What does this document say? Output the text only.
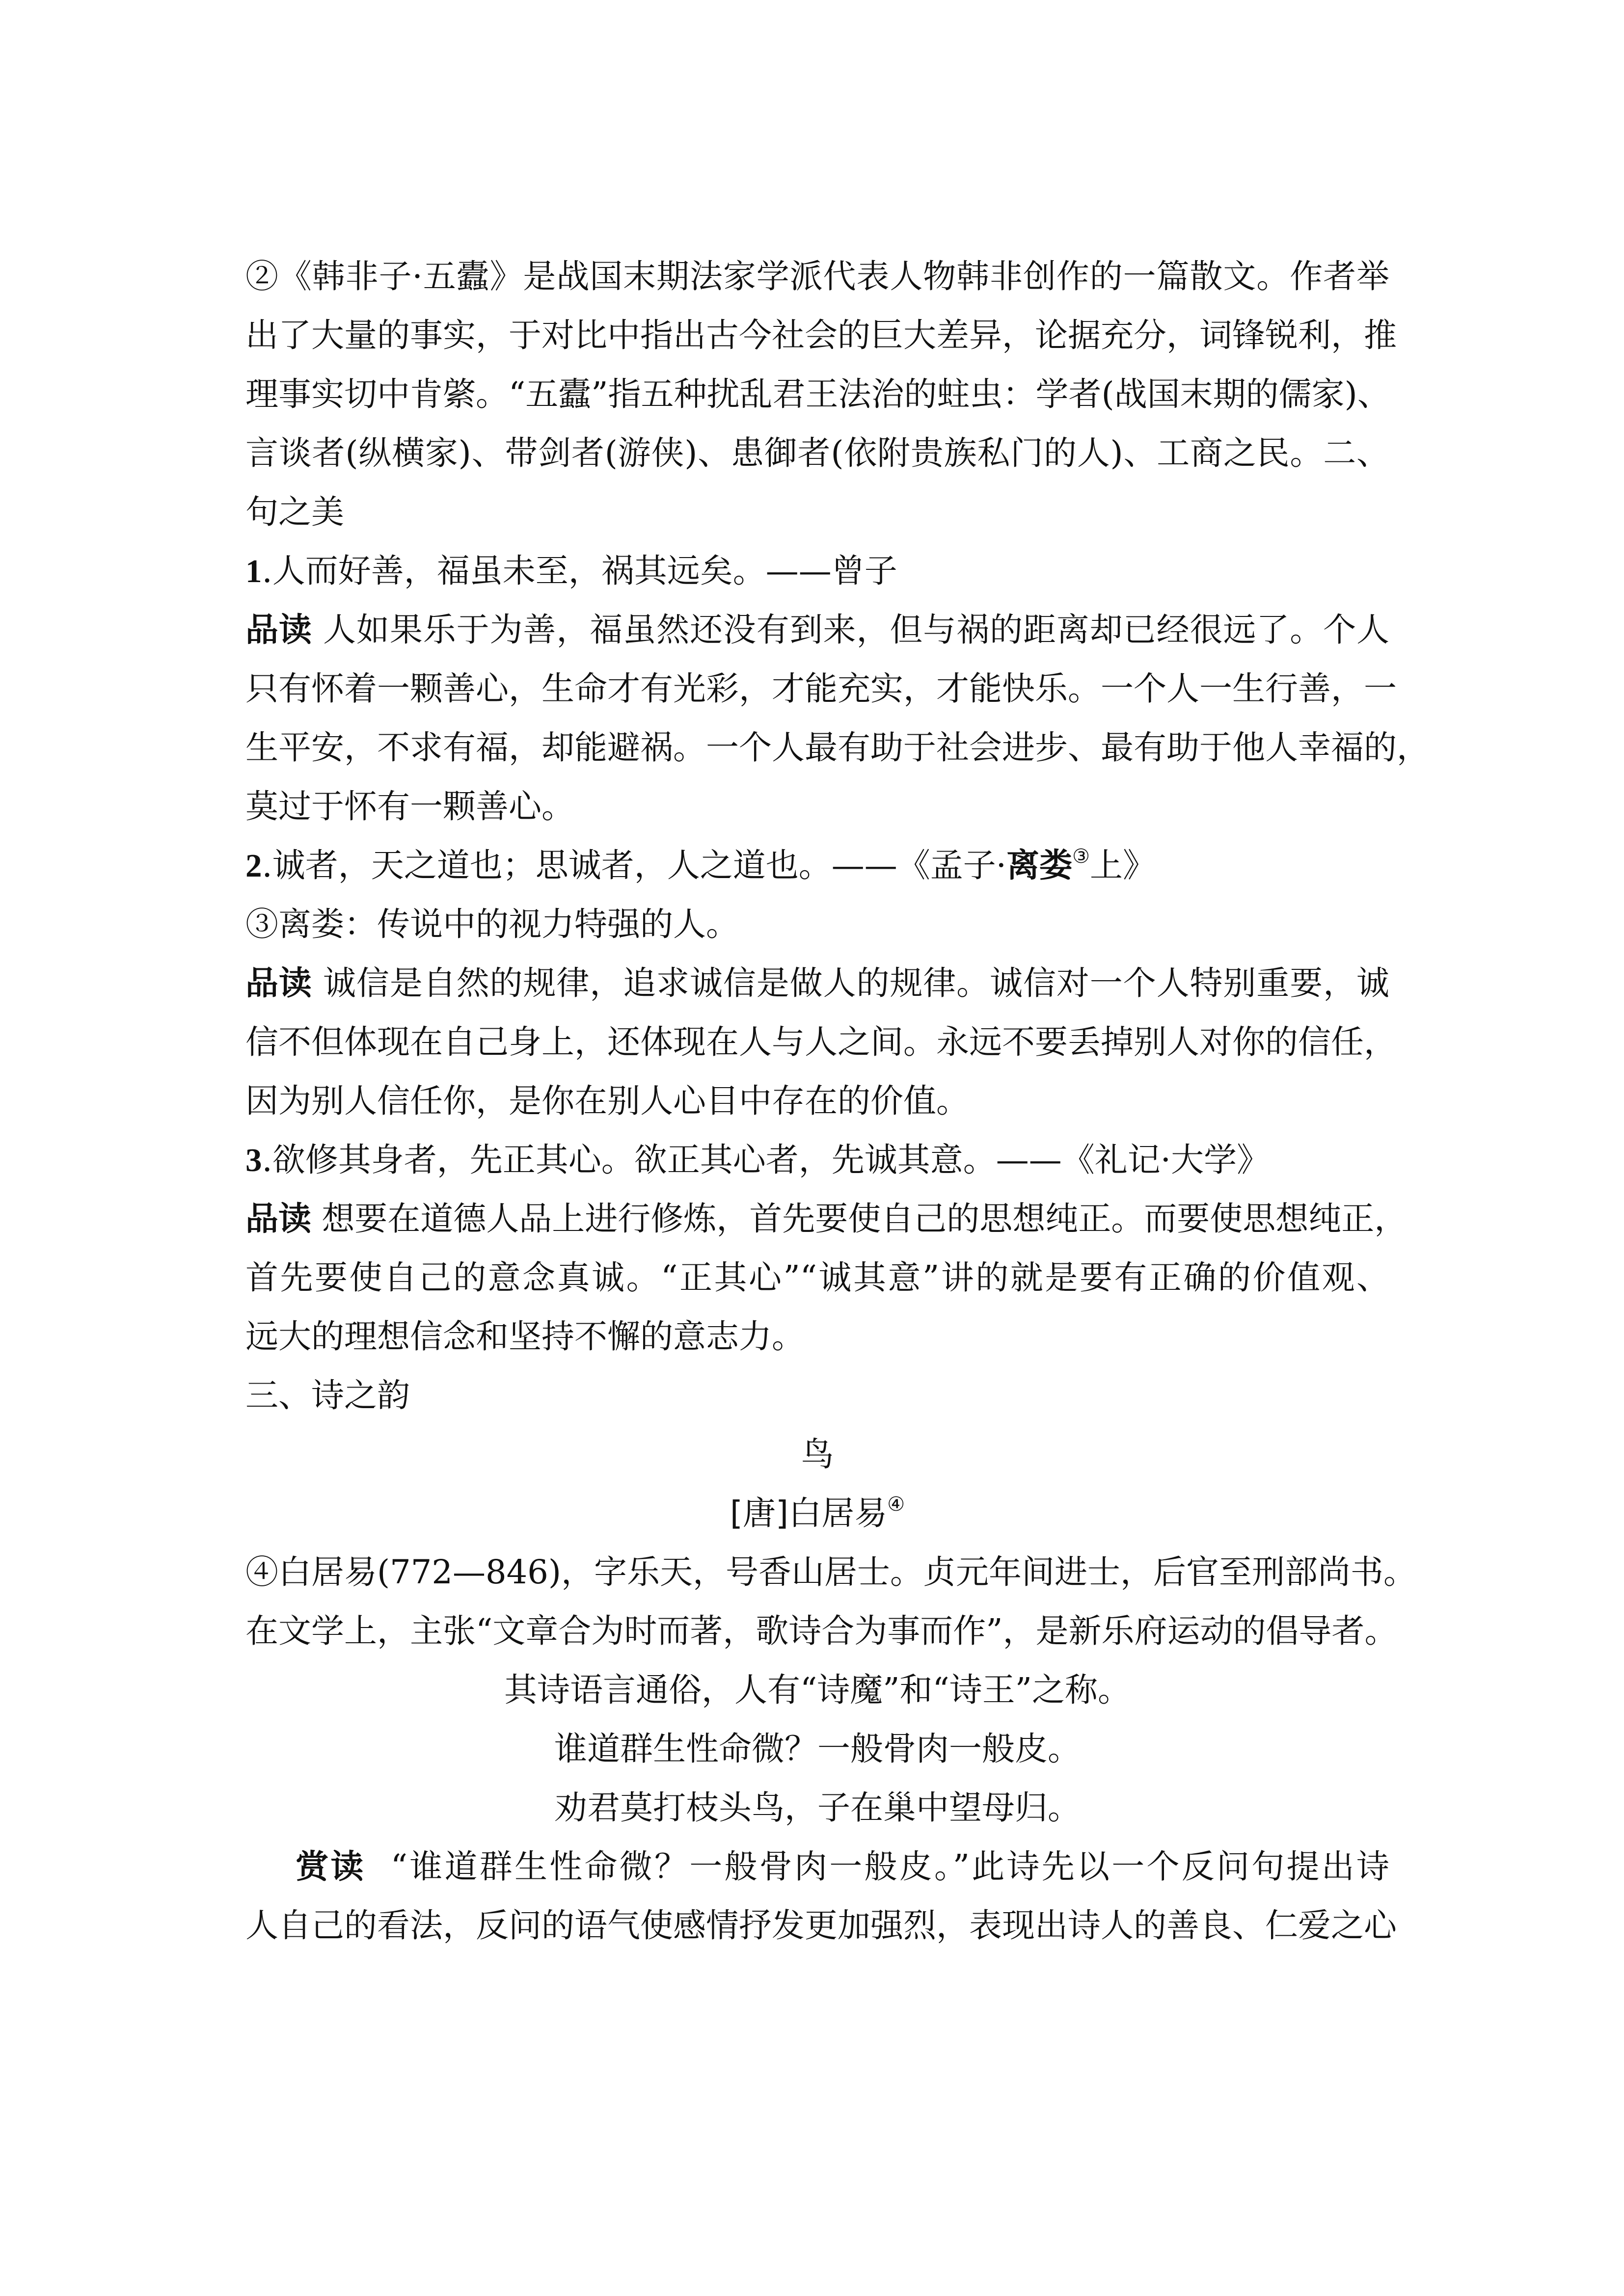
②《韩非子·五蠹》是战国末期法家学派代表人物韩非创作的一篇散文。作者举
出了大量的事实，于对比中指出古今社会的巨大差异，论据充分，词锋锐利，推
理事实切中肯綮。“五蠹”指五种扰乱君王法治的蛀虫：学者(战国末期的儒家)、
言谈者(纵横家)、带剑者(游侠)、患御者(依附贵族私门的人)、工商之民。二、
句之美
1.人而好善，福虽未至，祸其远矣。——曾子
品读 人如果乐于为善，福虽然还没有到来，但与祸的距离却已经很远了。个人
只有怀着一颗善心，生命才有光彩，才能充实，才能快乐。一个人一生行善，一
生平安，不求有福，却能避祸。一个人最有助于社会进步、最有助于他人幸福的，
莫过于怀有一颗善心。
2.诚者，天之道也；思诚者，人之道也。——《孟子·离娄③上》
③离娄：传说中的视力特强的人。
品读 诚信是自然的规律，追求诚信是做人的规律。诚信对一个人特别重要，诚
信不但体现在自己身上，还体现在人与人之间。永远不要丢掉别人对你的信任，
因为别人信任你，是你在别人心目中存在的价值。
3.欲修其身者，先正其心。欲正其心者，先诚其意。——《礼记·大学》
品读 想要在道德人品上进行修炼，首先要使自己的思想纯正。而要使思想纯正，
首先要使自己的意念真诚。“正其心”“诚其意”讲的就是要有正确的价值观、
远大的理想信念和坚持不懈的意志力。
三、诗之韵
鸟
[唐]白居易④
④白居易(772—846)，字乐天，号香山居士。贞元年间进士，后官至刑部尚书。
在文学上，主张“文章合为时而著，歌诗合为事而作”，是新乐府运动的倡导者。
其诗语言通俗，人有“诗魔”和“诗王”之称。
谁道群生性命微？一般骨肉一般皮。
劝君莫打枝头鸟，子在巢中望母归。
赏读 “谁道群生性命微？一般骨肉一般皮。”此诗先以一个反问句提出诗
人自己的看法，反问的语气使感情抒发更加强烈，表现出诗人的善良、仁爱之心
